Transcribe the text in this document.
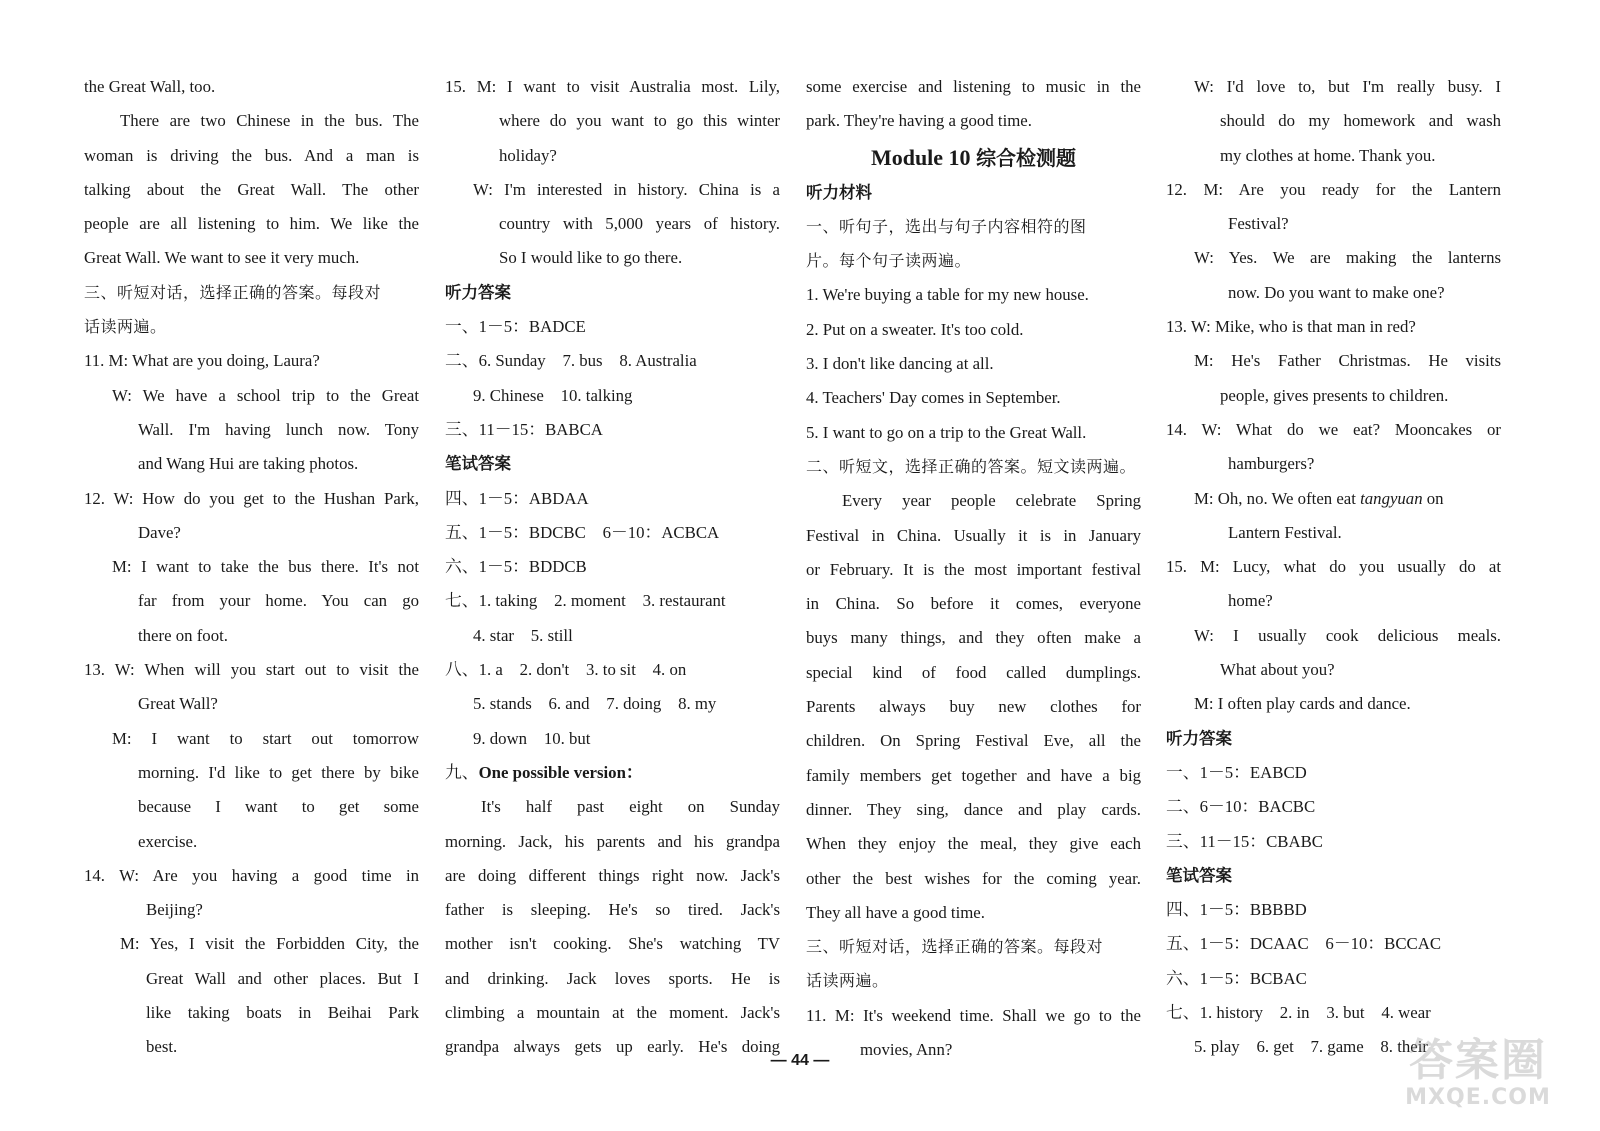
the Great Wall, too.
There are two Chinese in the bus. The
woman is driving the bus. And a man is
talking about the Great Wall. The other
people are all listening to him. We like the
Great Wall. We want to see it very much.
三、听短对话，选择正确的答案。每段对
话读两遍。
11. M: What are you doing, Laura?
W: We have a school trip to the Great
Wall. I'm having lunch now. Tony
and Wang Hui are taking photos.
12. W: How do you get to the Hushan Park,
Dave?
M: I want to take the bus there. It's not
far from your home. You can go
there on foot.
13. W: When will you start out to visit the
Great Wall?
M: I want to start out tomorrow
morning. I'd like to get there by bike
because I want to get some
exercise.
14. W: Are you having a good time in
Beijing?
M: Yes, I visit the Forbidden City, the
Great Wall and other places. But I
like taking boats in Beihai Park
best.
15. M: I want to visit Australia most. Lily,
where do you want to go this winter
holiday?
W: I'm interested in history. China is a
country with 5,000 years of history.
So I would like to go there.
听力答案
一、1－5：BADCE
二、6. Sunday　7. bus　8. Australia
9. Chinese　10. talking
三、11－15：BABCA
笔试答案
四、1－5：ABDAA
五、1－5：BDCBC　6－10：ACBCA
六、1－5：BDDCB
七、1. taking　2. moment　3. restaurant
4. star　5. still
八、1. a　2. don't　3. to sit　4. on
5. stands　6. and　7. doing　8. my
9. down　10. but
九、One possible version：
It's half past eight on Sunday
morning. Jack, his parents and his grandpa
are doing different things right now. Jack's
father is sleeping. He's so tired. Jack's
mother isn't cooking. She's watching TV
and drinking. Jack loves sports. He is
climbing a mountain at the moment. Jack's
grandpa always gets up early. He's doing
some exercise and listening to music in the
park. They're having a good time.
Module 10 综合检测题
听力材料
一、听句子，选出与句子内容相符的图
片。每个句子读两遍。
1. We're buying a table for my new house.
2. Put on a sweater. It's too cold.
3. I don't like dancing at all.
4. Teachers' Day comes in September.
5. I want to go on a trip to the Great Wall.
二、听短文，选择正确的答案。短文读两遍。
Every year people celebrate Spring
Festival in China. Usually it is in January
or February. It is the most important festival
in China. So before it comes, everyone
buys many things, and they often make a
special kind of food called dumplings.
Parents always buy new clothes for
children. On Spring Festival Eve, all the
family members get together and have a big
dinner. They sing, dance and play cards.
When they enjoy the meal, they give each
other the best wishes for the coming year.
They all have a good time.
三、听短对话，选择正确的答案。每段对
话读两遍。
11. M: It's weekend time. Shall we go to the
movies, Ann?
W: I'd love to, but I'm really busy. I
should do my homework and wash
my clothes at home. Thank you.
12. M: Are you ready for the Lantern
Festival?
W: Yes. We are making the lanterns
now. Do you want to make one?
13. W: Mike, who is that man in red?
M: He's Father Christmas. He visits
people, gives presents to children.
14. W: What do we eat? Mooncakes or
hamburgers?
M: Oh, no. We often eat tangyuan on
Lantern Festival.
15. M: Lucy, what do you usually do at
home?
W: I usually cook delicious meals.
What about you?
M: I often play cards and dance.
听力答案
一、1－5：EABCD
二、6－10：BACBC
三、11－15：CBABC
笔试答案
四、1－5：BBBBD
五、1－5：DCAAC　6－10：BCCAC
六、1－5：BCBAC
七、1. history　2. in　3. but　4. wear
5. play　6. get　7. game　8. their
— 44 —	答案圈
MXQE.COM
